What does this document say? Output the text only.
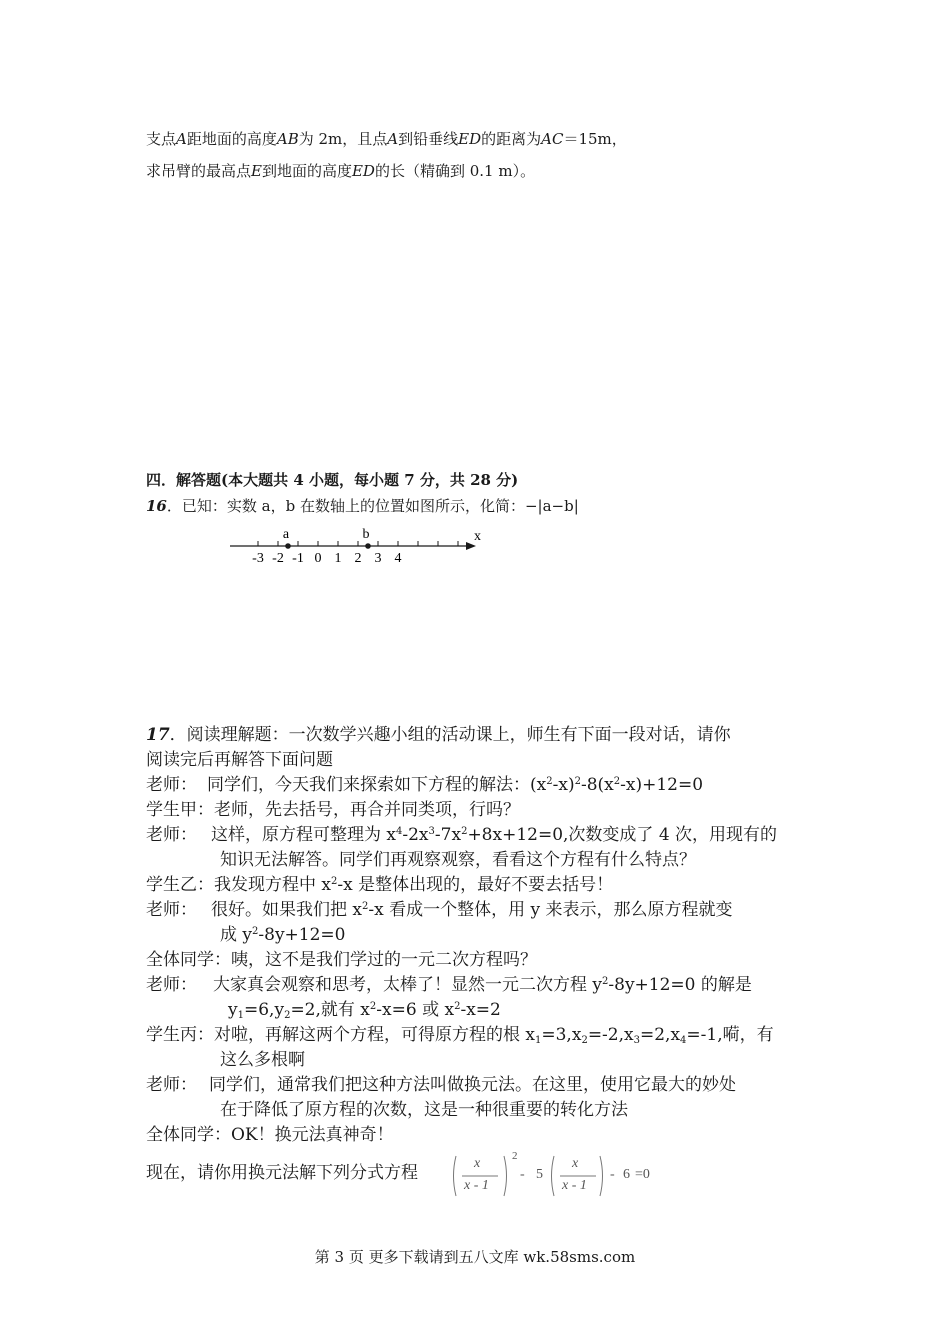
支点A距地面的高度AB为 2m，且点A到铅垂线ED的距离为AC＝15m，
求吊臂的最高点E到地面的高度ED的长（精确到 0.1 m）。
四．解答题(本大题共 4 小题，每小题 7 分，共 28 分)
16．已知：实数 a，b 在数轴上的位置如图所示，化简：−|a−b|
-3 -2 -1 0 1 2 3 4
a	b	x
17．阅读理解题：一次数学兴趣小组的活动课上，师生有下面一段对话，请你
阅读完后再解答下面问题
老师： 同学们，今天我们来探索如下方程的解法：$(x^2-x)^2-8(x^2-x)+12=0$
学生甲：老师，先去括号，再合并同类项，行吗？
老师： 这样，原方程可整理为 $x^4-2x^3-7x^2+8x+12=0$,次数变成了 4 次，用现有的
知识无法解答。同学们再观察观察，看看这个方程有什么特点？
学生乙：我发现方程中 $x^2-x$ 是整体出现的，最好不要去括号！
老师： 很好。如果我们把 $x^2-x$ 看成一个整体，用 y 来表示，那么原方程就变
成 $y^2-8y+12=0$
全体同学：咦，这不是我们学过的一元二次方程吗？
老师： 大家真会观察和思考，太棒了！显然一元二次方程 $y^2-8y+12=0$ 的解是
$y_1=6,y_2=2$,就有 $x^2-x=6$ 或 $x^2-x=2$
学生丙：对啦，再解这两个方程，可得原方程的根 $x_1=3,x_2=-2,x_3=2,x_4=-1$,嗬，有
这么多根啊
老师： 同学们，通常我们把这种方法叫做换元法。在这里，使用它最大的妙处
在于降低了原方程的次数，这是一种很重要的转化方法
全体同学：OK！换元法真神奇！
现在，请你用换元法解下列分式方程	x
x - 1
2
- 5
x
x - 1
- 6 =0
第 3 页 更多下载请到五八文库 wk.58sms.com
